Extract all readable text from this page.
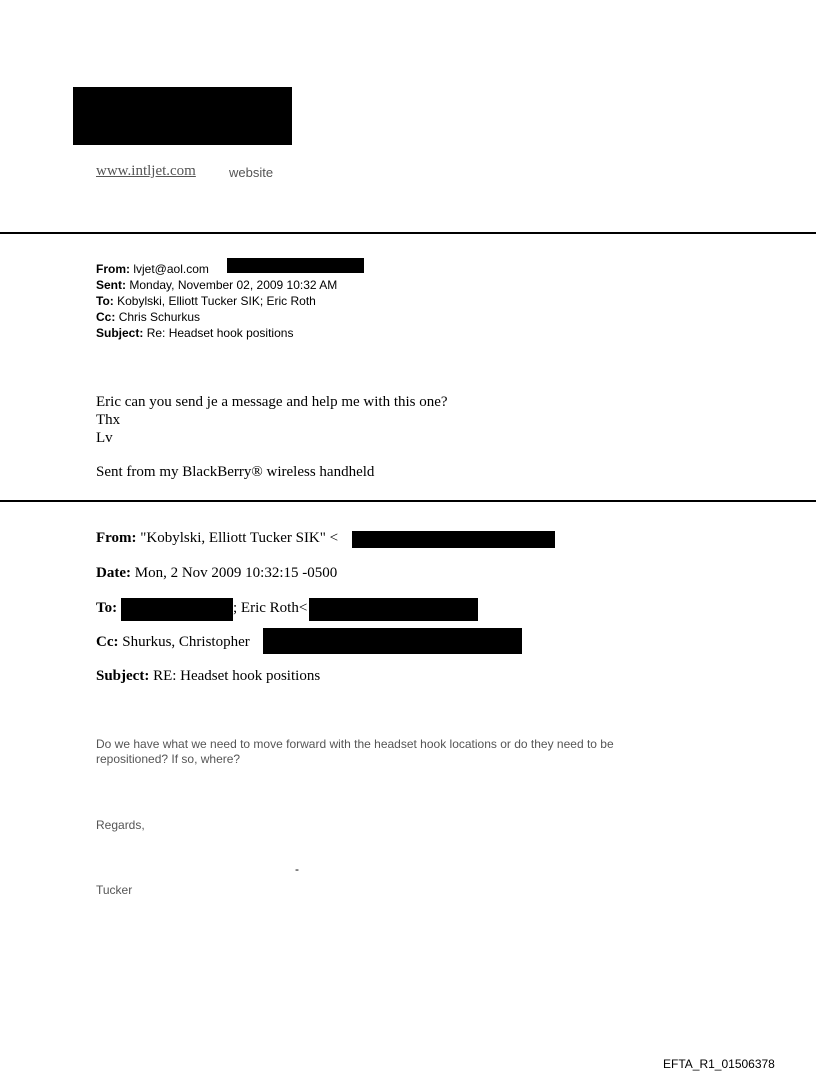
www.intljet.com	website
From: lvjet@aol.com
Sent: Monday, November 02, 2009 10:32 AM
To: Kobylski, Elliott Tucker SIK; Eric Roth
Cc: Chris Schurkus
Subject: Re: Headset hook positions
Eric can you send je a message and help me with this one?
Thx
Lv
Sent from my BlackBerry® wireless handheld
From: "Kobylski, Elliott Tucker SIK" <
Date: Mon, 2 Nov 2009 10:32:15 -0500
To:	; Eric Roth<
Cc: Shurkus, Christopher
Subject: RE: Headset hook positions
Do we have what we need to move forward with the headset hook locations or do they need to be
repositioned? If so, where?
Regards,
-
Tucker
EFTA_R1_01506378
